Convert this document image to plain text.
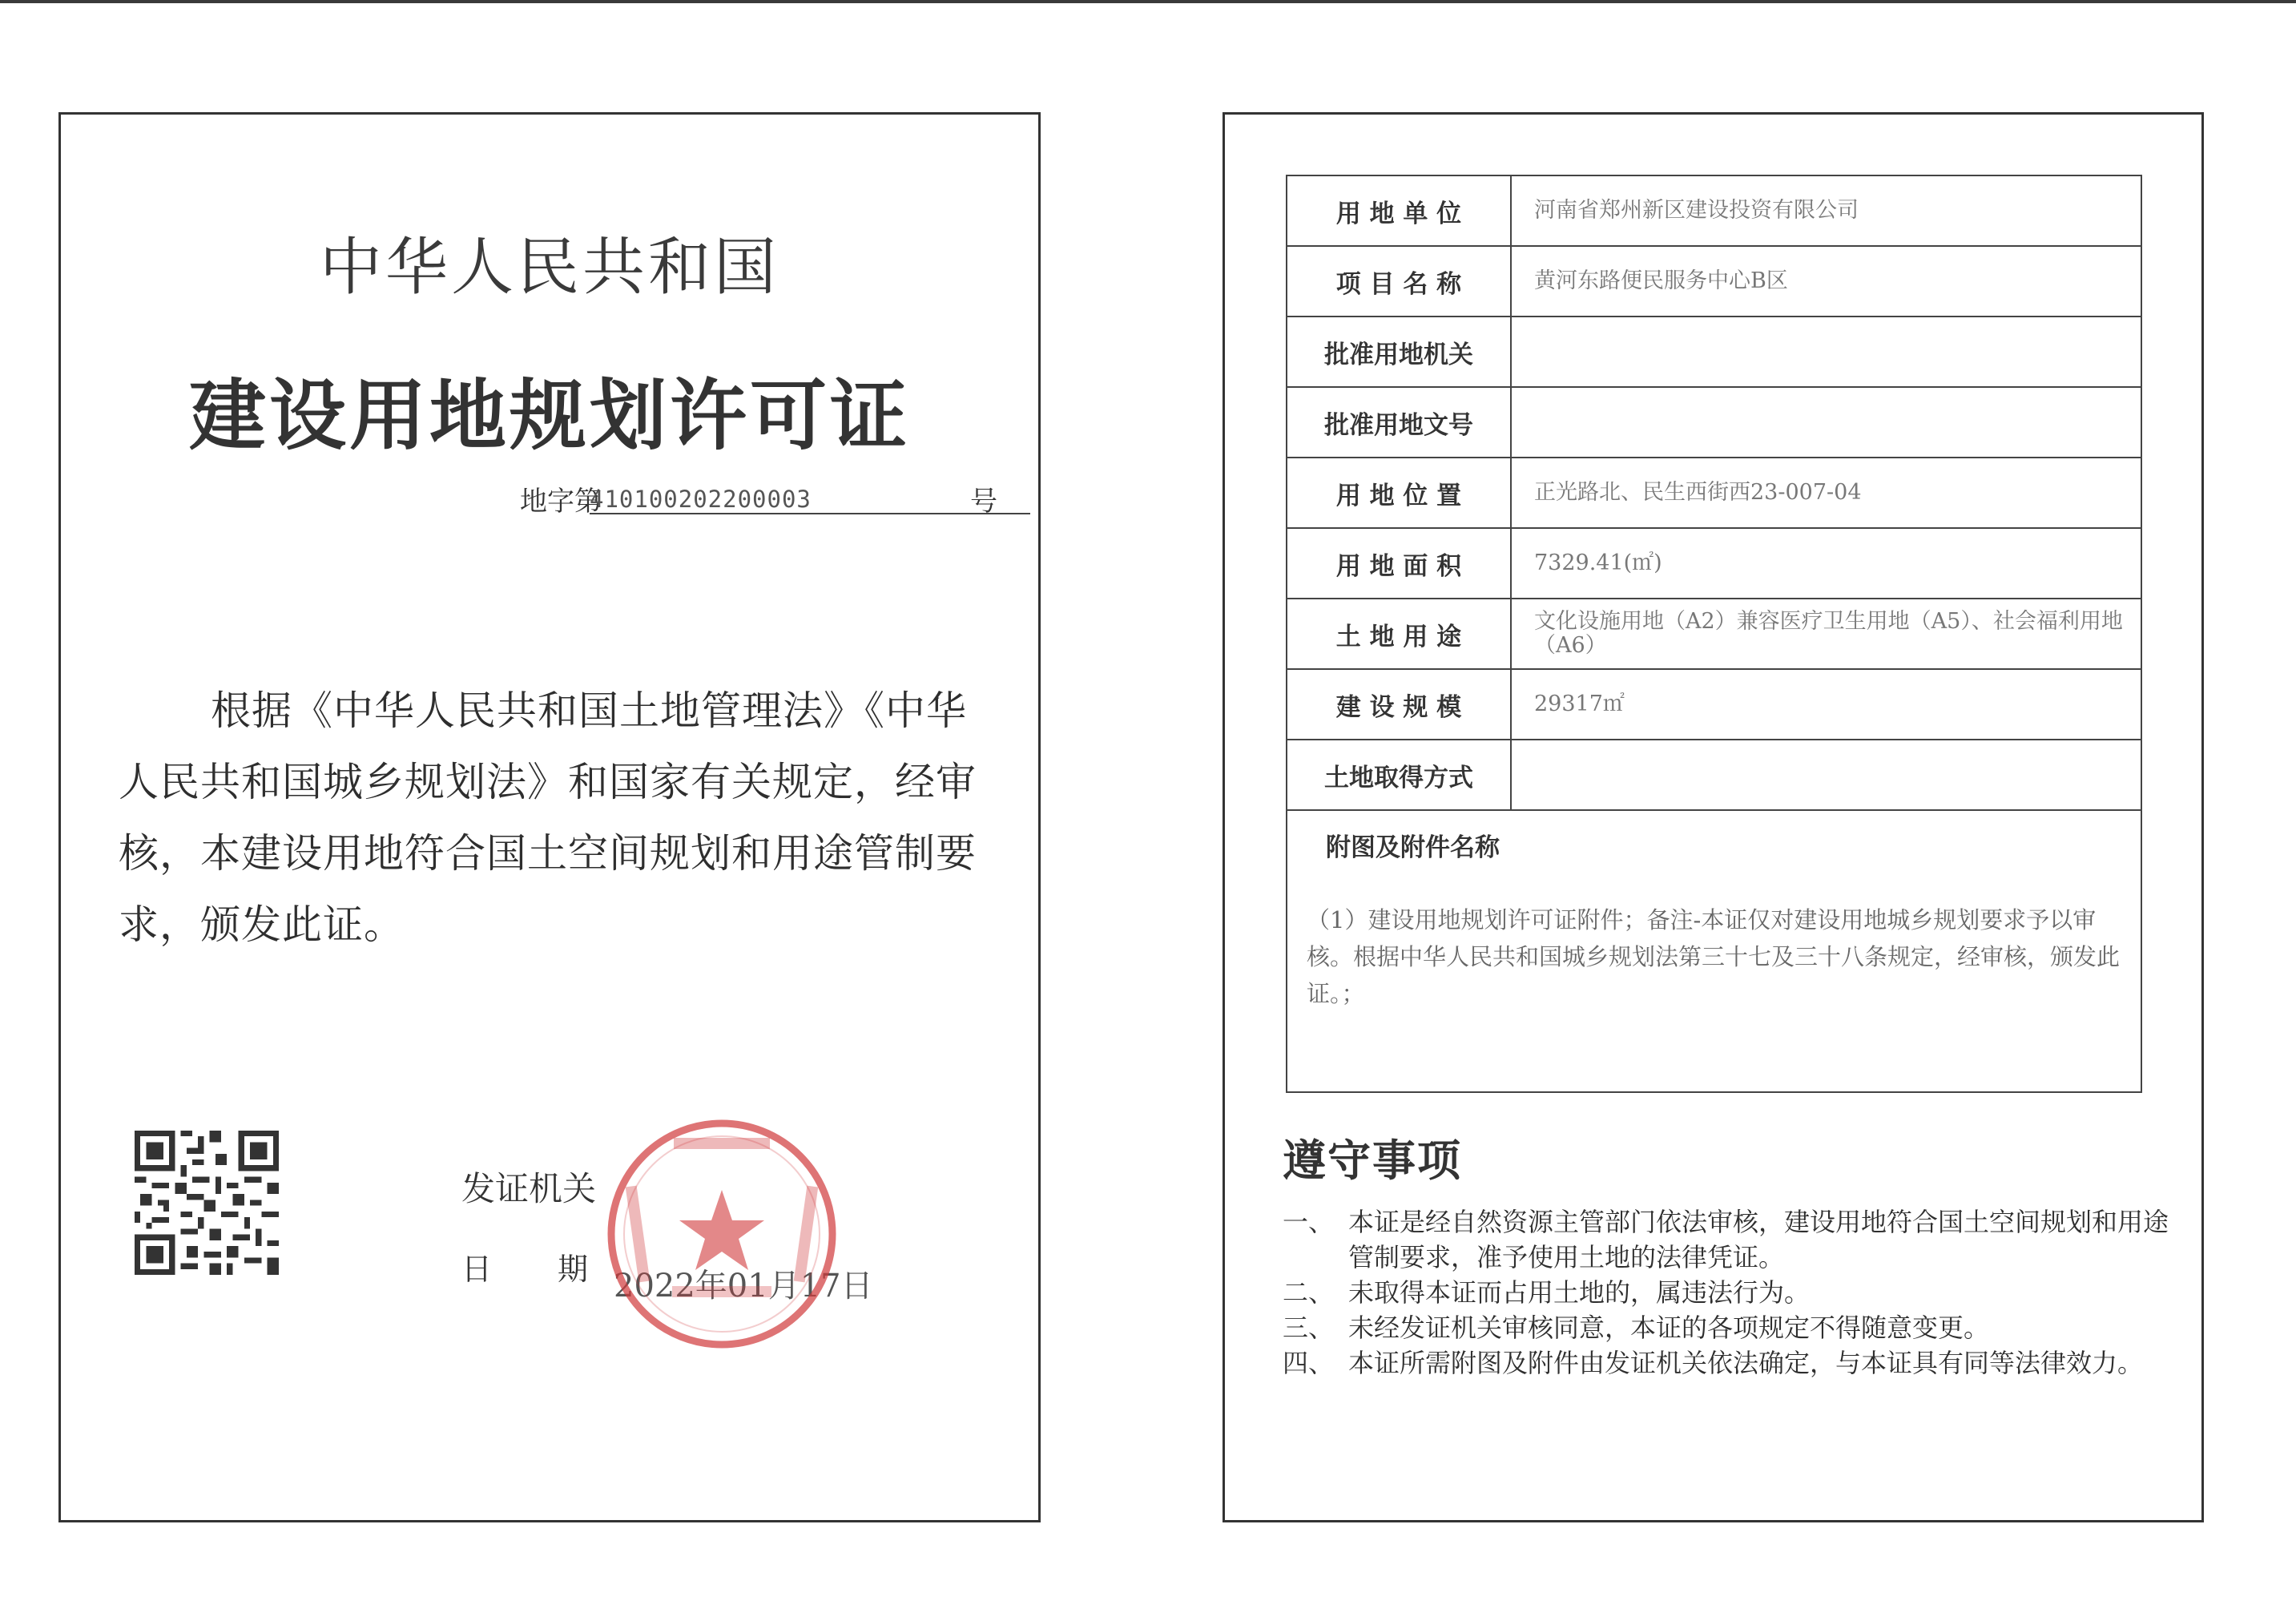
中华人民共和国
建设用地规划许可证
地字第
410100202200003	号
根据《中华人民共和国土地管理法》《中华人民共和国城乡规划法》和国家有关规定，经审核，本建设用地符合国土空间规划和用途管制要求，颁发此证。
发证机关
日　　期 2022年01月17日
用 地 单 位	河南省郑州新区建设投资有限公司
项 目 名 称	黄河东路便民服务中心B区
批准用地机关	
批准用地文号	
用 地 位 置	正光路北、民生西街西23-007-04
用 地 面 积	7329.41(㎡)
土 地 用 途	文化设施用地（A2）兼容医疗卫生用地（A5）、社会福利用地（A6）
建 设 规 模	29317㎡
土地取得方式	

附图及附件名称
（1）建设用地规划许可证附件；备注-本证仅对建设用地城乡规划要求予以审核。根据中华人民共和国城乡规划法第三十七及三十八条规定，经审核，颁发此证。；	
遵守事项
一、 本证是经自然资源主管部门依法审核，建设用地符合国土空间规划和用途管制要求，准予使用土地的法律凭证。
二、 未取得本证而占用土地的，属违法行为。
三、 未经发证机关审核同意，本证的各项规定不得随意变更。
四、 本证所需附图及附件由发证机关依法确定，与本证具有同等法律效力。
